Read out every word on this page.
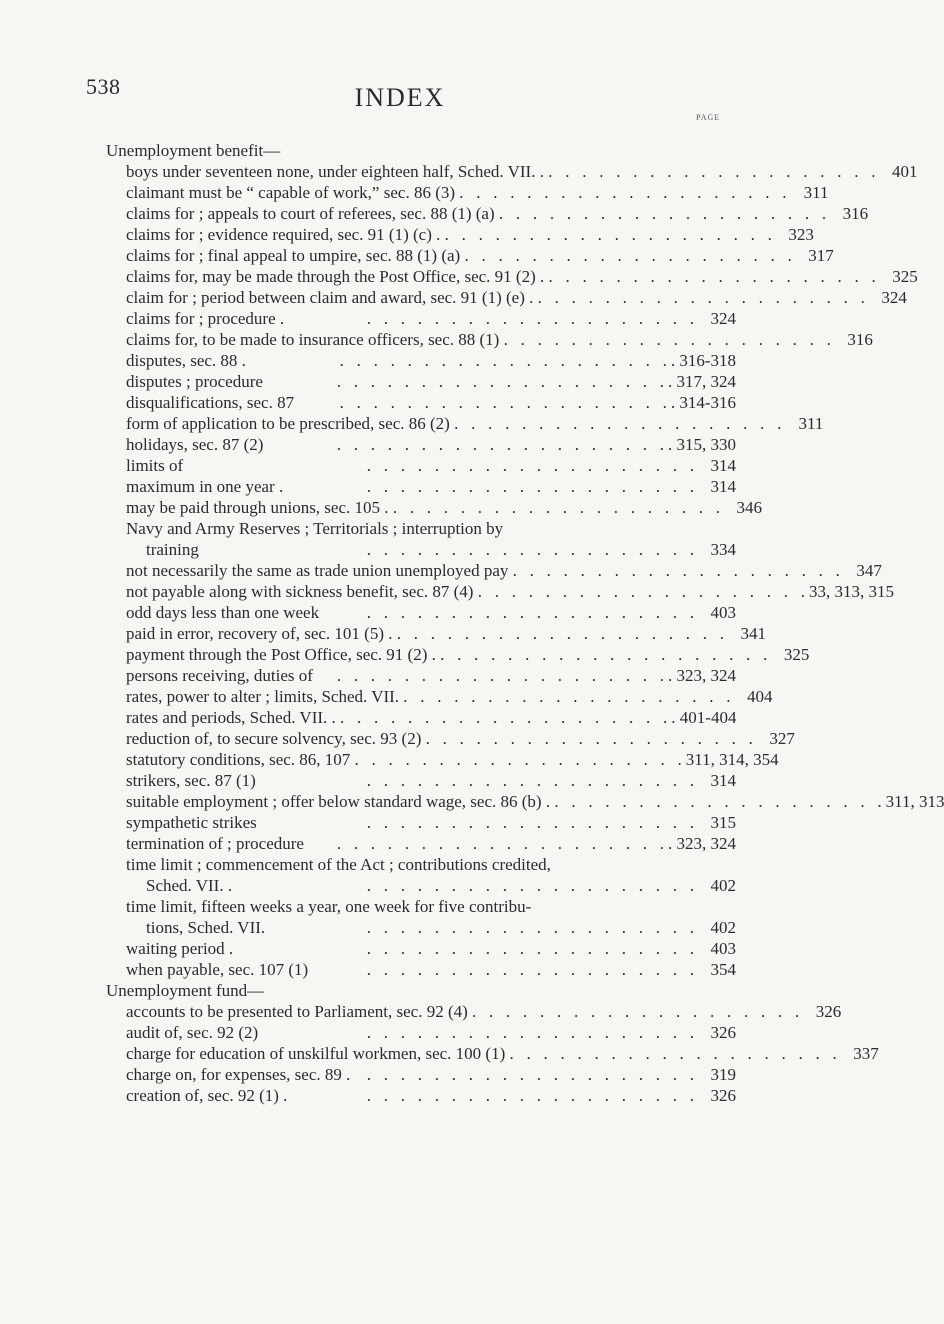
538	INDEX
PAGE
Unemployment benefit—
boys under seventeen none, under eighteen half, Sched. VII. . .   .   .   .   .   .   .   .   .   .   .   .   .   .   .   .   .   .   .   . 401
claimant must be “ capable of work,” sec. 86 (3) .   .   .   .   .   .   .   .   .   .   .   .   .   .   .   .   .   .   .   .	311
claims for ; appeals to court of referees, sec. 88 (1) (a) .   .   .   .   .   .   .   .   .   .   .   .   .   .   .   .   .   .   .   . 316
claims for ; evidence required, sec. 91 (1) (c) . .   .   .   .   .   .   .   .   .   .   .   .   .   .   .   .   .   .   .   . 323
claims for ; final appeal to umpire, sec. 88 (1) (a) .   .   .   .   .   .   .   .   .   .   .   .   .   .   .   .   .   .   .   . 317
claims for, may be made through the Post Office, sec. 91 (2) . .   .   .   .   .   .   .   .   .   .   .   .   .   .   .   .   .   .   .   . 325
claim for ; period between claim and award, sec. 91 (1) (e) . .   .   .   .   .   .   .   .   .   .   .   .   .   .   .   .   .   .   .   . 324
claims for ; procedure .	.   .   .   .   .   .   .   .   .   .   .   .   .   .   .   .   .   .   .   . 324
claims for, to be made to insurance officers, sec. 88 (1) .   .   .   .   .   .   .   .   .   .   .   .   .   .   .   .   .   .   .   . 316
disputes, sec. 88 .	.   .   .   .   .   .   .   .   .   .   .   .   .   .   .   .   .   .   .   . . 316-318
disputes ; procedure	.   .   .   .   .   .   .   .   .   .   .   .   .   .   .   .   .   .   .   . . 317, 324
disqualifications, sec. 87	.   .   .   .   .   .   .   .   .   .   .   .   .   .   .   .   .   .   .   . . 314-316
form of application to be prescribed, sec. 86 (2) .   .   .   .   .   .   .   .   .   .   .   .   .   .   .   .   .   .   .   .	311
holidays, sec. 87 (2)	.   .   .   .   .   .   .   .   .   .   .   .   .   .   .   .   .   .   .   . . 315, 330
limits of	.   .   .   .   .   .   .   .   .   .   .   .   .   .   .   .   .   .   .   . 314
maximum in one year .	.   .   .   .   .   .   .   .   .   .   .   .   .   .   .   .   .   .   .   . 314
may be paid through unions, sec. 105 . .   .   .   .   .   .   .   .   .   .   .   .   .   .   .   .   .   .   .   . 346
Navy and Army Reserves ; Territorials ; interruption by
training	.   .   .   .   .   .   .   .   .   .   .   .   .   .   .   .   .   .   .   . 334
not necessarily the same as trade union unemployed pay .   .   .   .   .   .   .   .   .   .   .   .   .   .   .   .   .   .   .   . 347
not payable along with sickness benefit, sec. 87 (4) .   .   .   .   .   .   .   .   .   .   .   .   .   .   .   .   .   .   .   . 33, 313, 315
odd days less than one week	.   .   .   .   .   .   .   .   .   .   .   .   .   .   .   .   .   .   .   . 403
paid in error, recovery of, sec. 101 (5) . .   .   .   .   .   .   .   .   .   .   .   .   .   .   .   .   .   .   .   . 341
payment through the Post Office, sec. 91 (2) . .   .   .   .   .   .   .   .   .   .   .   .   .   .   .   .   .   .   .   . 325
persons receiving, duties of	.   .   .   .   .   .   .   .   .   .   .   .   .   .   .   .   .   .   .   . . 323, 324
rates, power to alter ; limits, Sched. VII. .   .   .   .   .   .   .   .   .   .   .   .   .   .   .   .   .   .   .   . 404
rates and periods, Sched. VII. . .   .   .   .   .   .   .   .   .   .   .   .   .   .   .   .   .   .   .   . . 401-404
reduction of, to secure solvency, sec. 93 (2) .   .   .   .   .   .   .   .   .   .   .   .   .   .   .   .   .   .   .   . 327
statutory conditions, sec. 86, 107 .   .   .   .   .   .   .   .   .   .   .   .   .   .   .   .   .   .   .   . 311, 314, 354
strikers, sec. 87 (1)	.   .   .   .   .   .   .   .   .   .   .   .   .   .   .   .   .   .   .   . 314
suitable employment ; offer below standard wage, sec. 86 (b) . .   .   .   .   .   .   .   .   .   .   .   .   .   .   .   .   .   .   .   . 311, 313
sympathetic strikes	.   .   .   .   .   .   .   .   .   .   .   .   .   .   .   .   .   .   .   . 315
termination of ; procedure	.   .   .   .   .   .   .   .   .   .   .   .   .   .   .   .   .   .   .   . . 323, 324
time limit ; commencement of the Act ; contributions credited,
Sched. VII. .	.   .   .   .   .   .   .   .   .   .   .   .   .   .   .   .   .   .   .   . 402
time limit, fifteen weeks a year, one week for five contribu-
tions, Sched. VII.	.   .   .   .   .   .   .   .   .   .   .   .   .   .   .   .   .   .   .   . 402
waiting period .	.   .   .   .   .   .   .   .   .   .   .   .   .   .   .   .   .   .   .   . 403
when payable, sec. 107 (1)	.   .   .   .   .   .   .   .   .   .   .   .   .   .   .   .   .   .   .   . 354
Unemployment fund—
accounts to be presented to Parliament, sec. 92 (4) .   .   .   .   .   .   .   .   .   .   .   .   .   .   .   .   .   .   .   . 326
audit of, sec. 92 (2)	.   .   .   .   .   .   .   .   .   .   .   .   .   .   .   .   .   .   .   . 326
charge for education of unskilful workmen, sec. 100 (1) .   .   .   .   .   .   .   .   .   .   .   .   .   .   .   .   .   .   .   . 337
charge on, for expenses, sec. 89 . .   .   .   .   .   .   .   .   .   .   .   .   .   .   .   .   .   .   .   . 319
creation of, sec. 92 (1) .	.   .   .   .   .   .   .   .   .   .   .   .   .   .   .   .   .   .   .   . 326
